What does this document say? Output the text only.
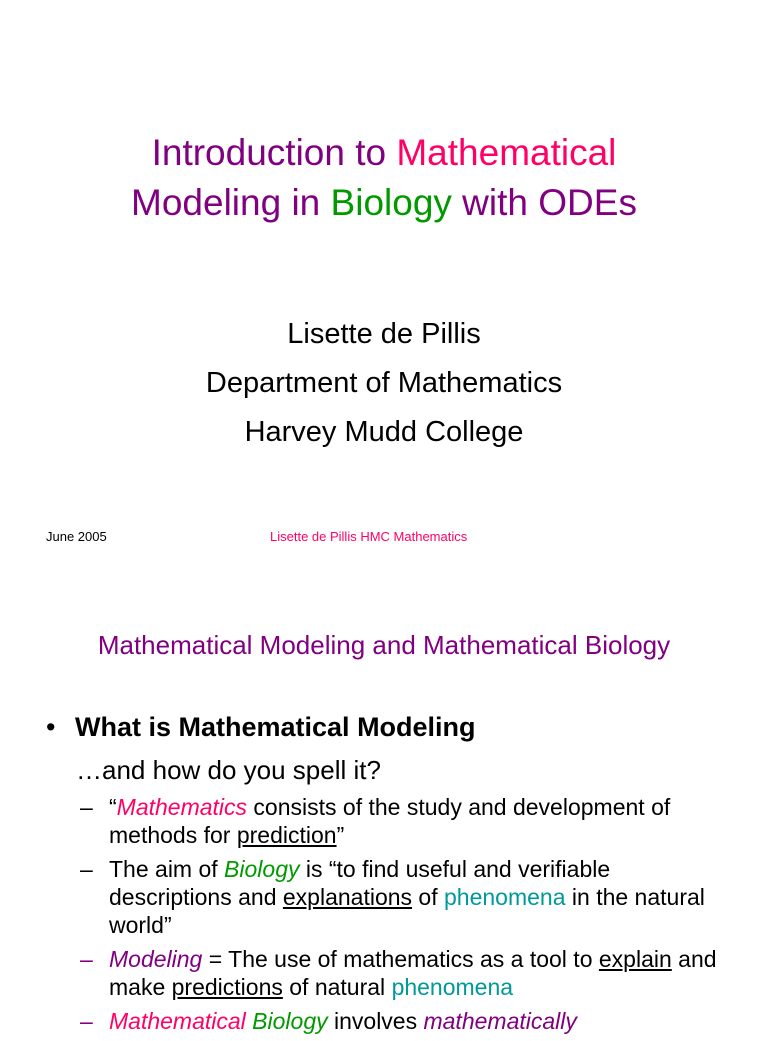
Introduction to Mathematical
Modeling in Biology with ODEs
Lisette de Pillis
Department of Mathematics
Harvey Mudd College
June 2005	Lisette de Pillis HMC Mathematics
Mathematical Modeling and Mathematical Biology
• What is Mathematical Modeling
…and how do you spell it?
– “Mathematics consists of the study and development of methods for prediction”
– The aim of Biology is “to find useful and verifiable descriptions and explanations of phenomena in the natural world”
– Modeling = The use of mathematics as a tool to explain and make predictions of natural phenomena
– Mathematical Biology involves mathematically
